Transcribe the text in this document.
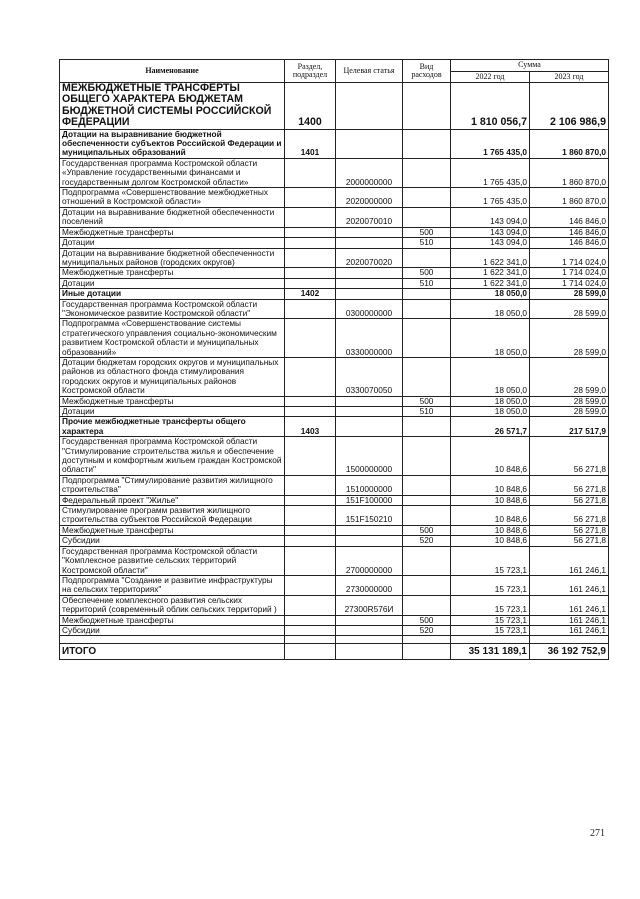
Наименование	Раздел, подраздел	Целевая статья	Вид расходов	Сумма	
				2022 год	2023 год
МЕЖБЮДЖЕТНЫЕ ТРАНСФЕРТЫ ОБЩЕГО ХАРАКТЕРА БЮДЖЕТАМ БЮДЖЕТНОЙ СИСТЕМЫ РОССИЙСКОЙ ФЕДЕРАЦИИ	1400			1 810 056,7	2 106 986,9
Дотации на выравнивание бюджетной обеспеченности субъектов Российской Федерации и муниципальных образований	1401			1 765 435,0	1 860 870,0
Государственная программа Костромской области «Управление государственными финансами и государственным долгом Костромской области»		2000000000		1 765 435,0	1 860 870,0
Подпрограмма «Совершенствование межбюджетных отношений в Костромской области»		2020000000		1 765 435,0	1 860 870,0
Дотации на выравнивание бюджетной обеспеченности поселений		2020070010		143 094,0	146 846,0
Межбюджетные трансферты			500	143 094,0	146 846,0
Дотации			510	143 094,0	146 846,0
Дотации на выравнивание бюджетной обеспеченности муниципальных районов (городских округов)		2020070020		1 622 341,0	1 714 024,0
Межбюджетные трансферты			500	1 622 341,0	1 714 024,0
Дотации			510	1 622 341,0	1 714 024,0
Иные дотации	1402			18 050,0	28 599,0
Государственная программа Костромской области "Экономическое развитие Костромской области"		0300000000		18 050,0	28 599,0
Подпрограмма «Совершенствование системы стратегического управления социально-экономическим развитием Костромской области и муниципальных образований»		0330000000		18 050,0	28 599,0
Дотации бюджетам городских округов и муниципальных районов из областного фонда стимулирования городских округов и муниципальных районов Костромской области		0330070050		18 050,0	28 599,0
Межбюджетные трансферты			500	18 050,0	28 599,0
Дотации			510	18 050,0	28 599,0
Прочие межбюджетные трансферты общего характера	1403			26 571,7	217 517,9
Государственная программа Костромской области "Стимулирование строительства жилья и обеспечение доступным и комфортным жильем граждан Костромской области"		1500000000		10 848,6	56 271,8
Подпрограмма "Стимулирование развития жилищного строительства"		1510000000		10 848,6	56 271,8
Федеральный проект "Жилье"		151F100000		10 848,6	56 271,8
Стимулирование программ развития жилищного строительства субъектов Российской Федерации		151F150210		10 848,6	56 271,8
Межбюджетные трансферты			500	10 848,6	56 271,8
Субсидии			520	10 848,6	56 271,8
Государственная программа Костромской области "Комплексное развитие сельских территорий Костромской области"		2700000000		15 723,1	161 246,1
Подпрограмма "Создание и развитие инфраструктуры на сельских территориях"		2730000000		15 723,1	161 246,1
Обеспечение комплексного развития сельских территорий (современный облик сельских территорий )		27300R576И		15 723,1	161 246,1
Межбюджетные трансферты			500	15 723,1	161 246,1
Субсидии			520	15 723,1	161 246,1

ИТОГО				35 131 189,1	36 192 752,9
271
